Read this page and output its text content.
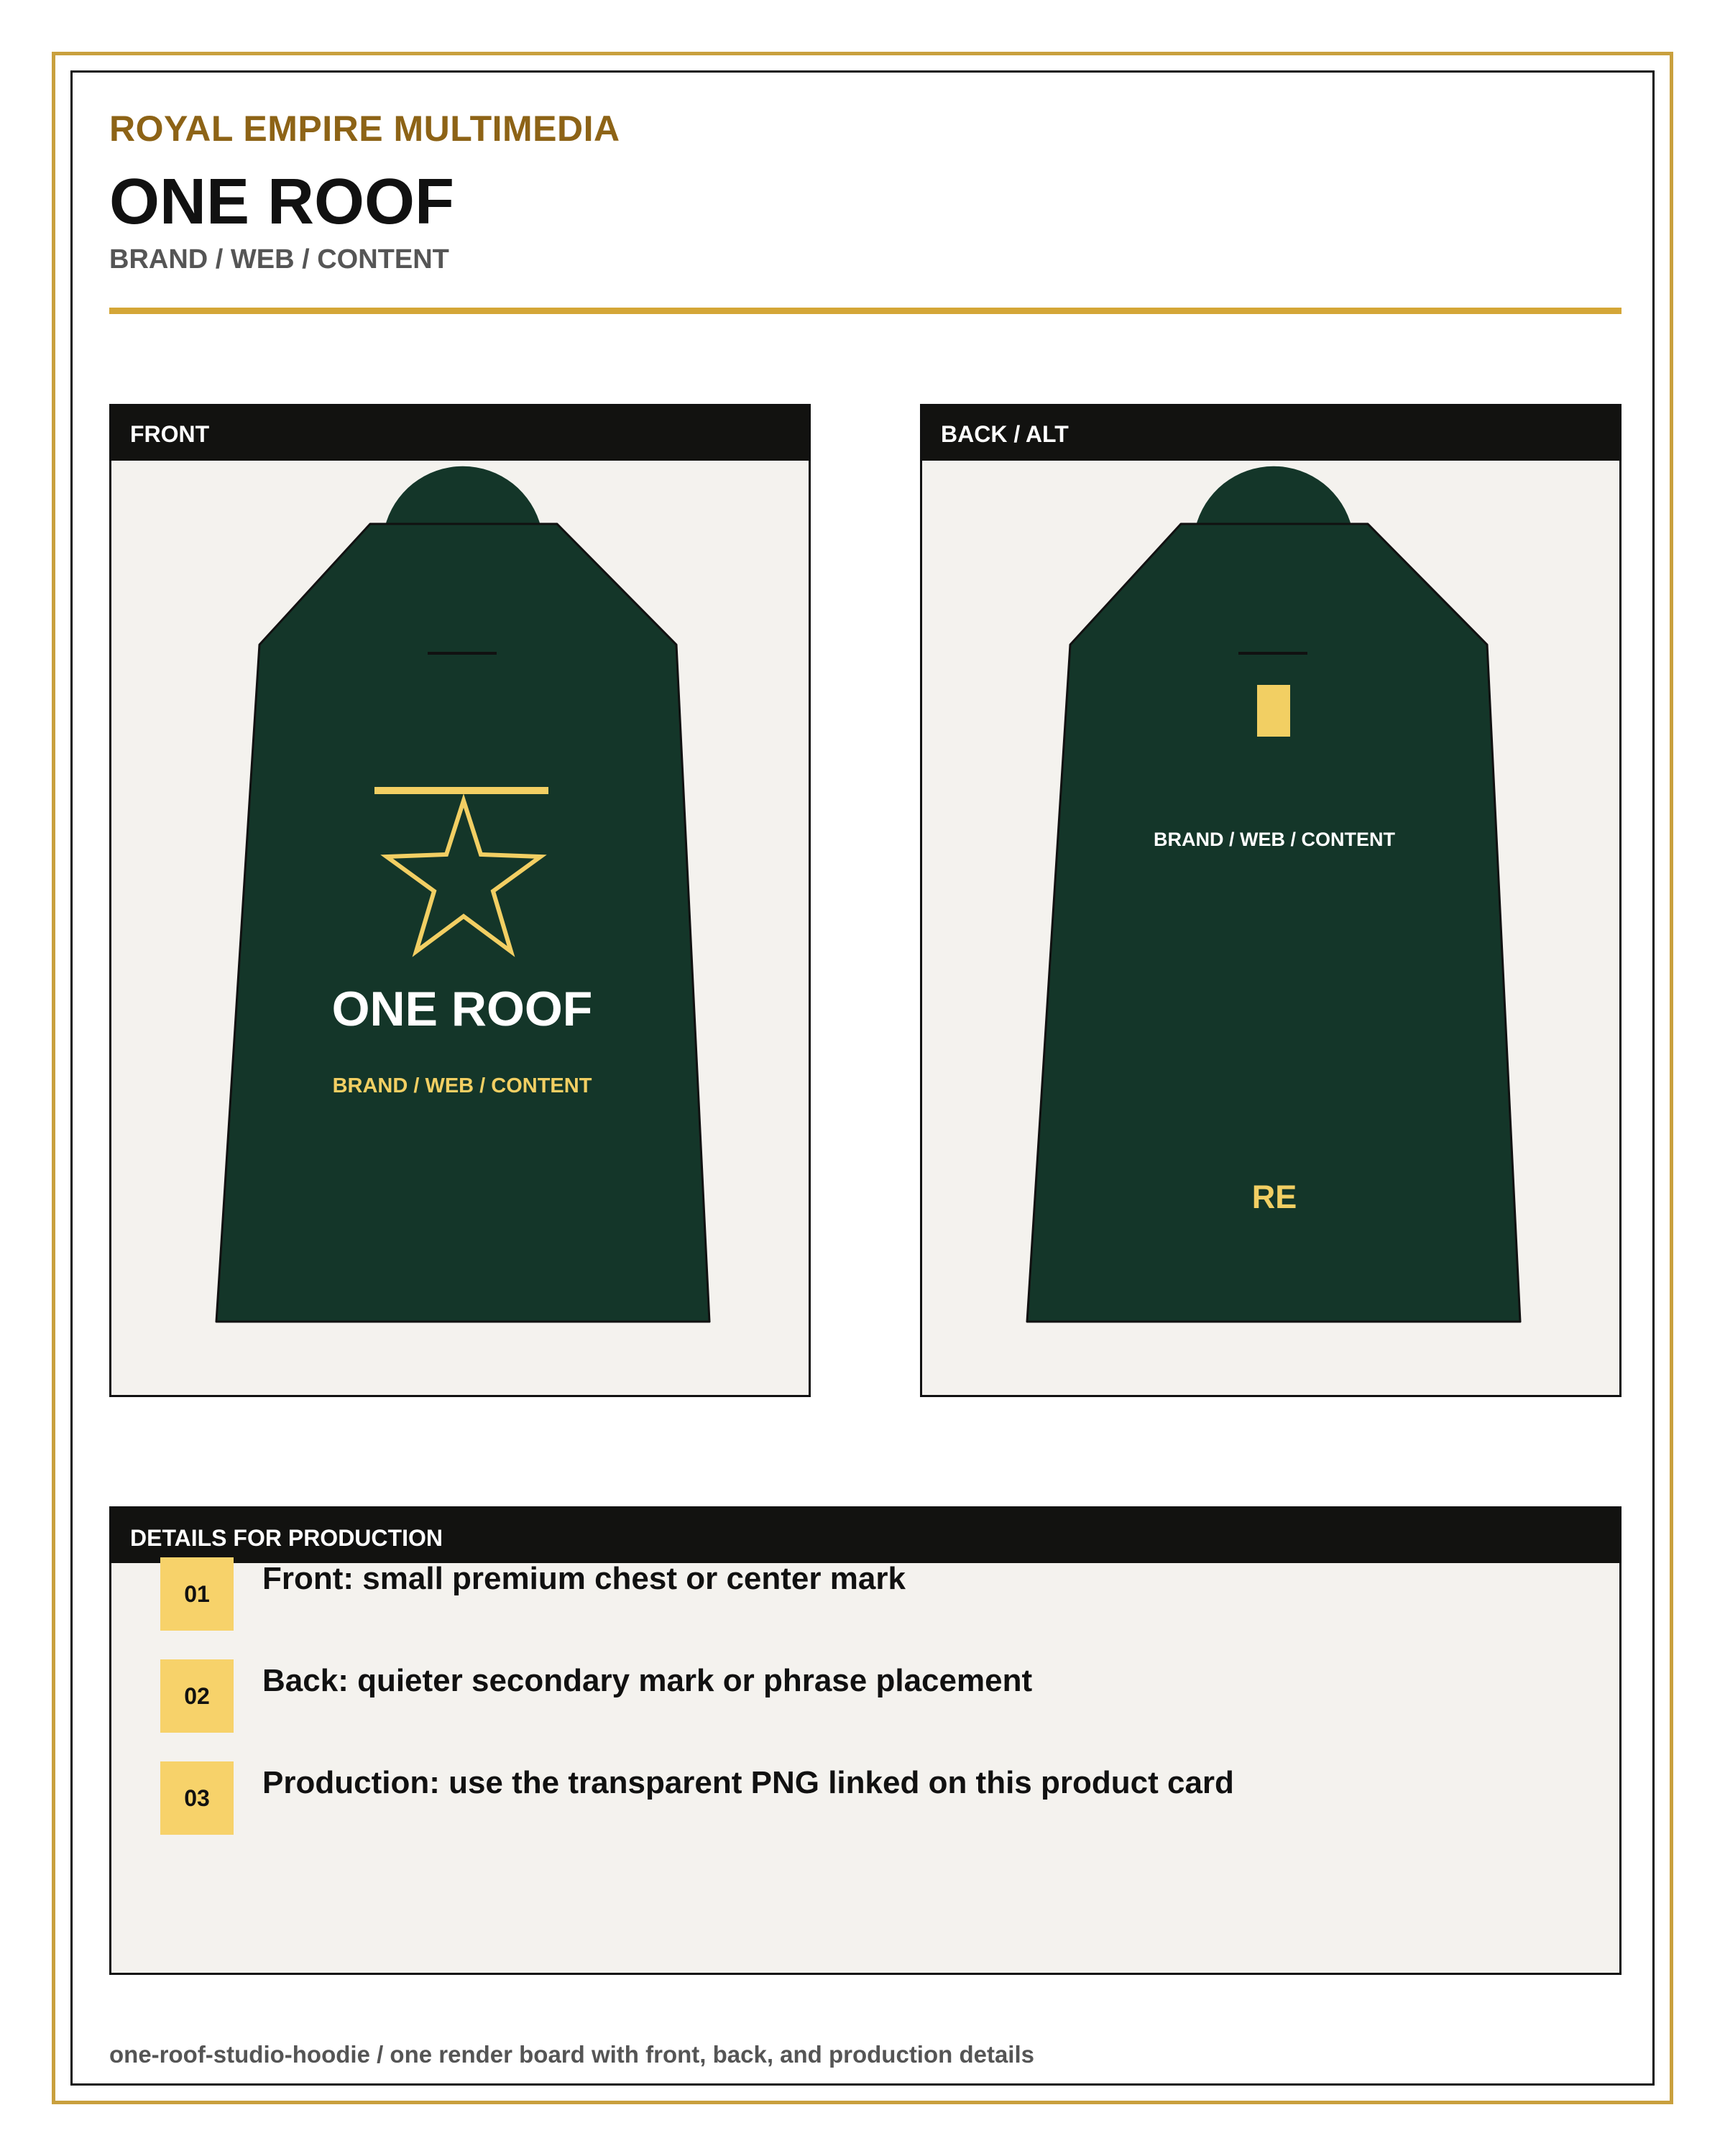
ROYAL EMPIRE MULTIMEDIA
ONE ROOF
BRAND / WEB / CONTENT
FRONT
ONE ROOF
BRAND / WEB / CONTENT
BACK / ALT
BRAND / WEB / CONTENT
RE
DETAILS FOR PRODUCTION
01	Front: small premium chest or center mark
02	Back: quieter secondary mark or phrase placement
03	Production: use the transparent PNG linked on this product card
one-roof-studio-hoodie / one render board with front, back, and production details
